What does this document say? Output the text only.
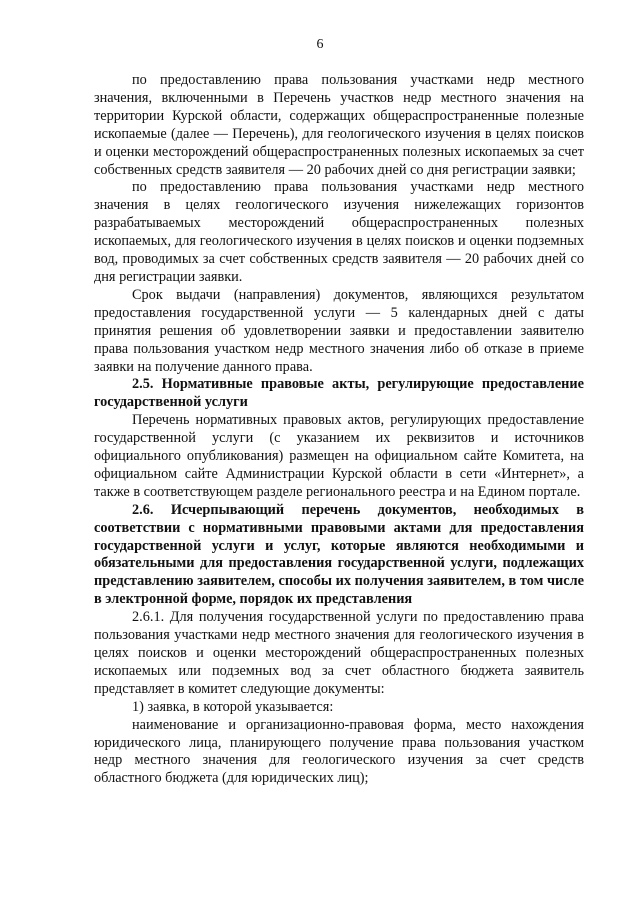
6

по предоставлению права пользования участками недр местного значения, включенными в Перечень участков недр местного значения на территории Курской области, содержащих общераспространенные полезные ископаемые (далее — Перечень), для геологического изучения в целях поисков и оценки месторождений общераспространенных полезных ископаемых за счет собственных средств заявителя — 20 рабочих дней со дня регистрации заявки;

по предоставлению права пользования участками недр местного значения в целях геологического изучения нижележащих горизонтов разрабатываемых месторождений общераспространенных полезных ископаемых, для геологического изучения в целях поисков и оценки подземных вод, проводимых за счет собственных средств заявителя — 20 рабочих дней со дня регистрации заявки.

Срок выдачи (направления) документов, являющихся результатом предоставления государственной услуги — 5 календарных дней с даты принятия решения об удовлетворении заявки и предоставлении заявителю права пользования участком недр местного значения либо об отказе в приеме заявки на получение данного права.

2.5. Нормативные правовые акты, регулирующие предоставление государственной услуги

Перечень нормативных правовых актов, регулирующих предоставление государственной услуги (с указанием их реквизитов и источников официального опубликования) размещен на официальном сайте Комитета, на официальном сайте Администрации Курской области в сети «Интернет», а также в соответствующем разделе регионального реестра и на Едином портале.

2.6. Исчерпывающий перечень документов, необходимых в соответствии с нормативными правовыми актами для предоставления государственной услуги и услуг, которые являются необходимыми и обязательными для предоставления государственной услуги, подлежащих представлению заявителем, способы их получения заявителем, в том числе в электронной форме, порядок их представления

2.6.1. Для получения государственной услуги по предоставлению права пользования участками недр местного значения для геологического изучения в целях поисков и оценки месторождений общераспространенных полезных ископаемых или подземных вод за счет областного бюджета заявитель представляет в комитет следующие документы:

1) заявка, в которой указывается:

наименование и организационно-правовая форма, место нахождения юридического лица, планирующего получение права пользования участком недр местного значения для геологического изучения за счет средств областного бюджета (для юридических лиц);
